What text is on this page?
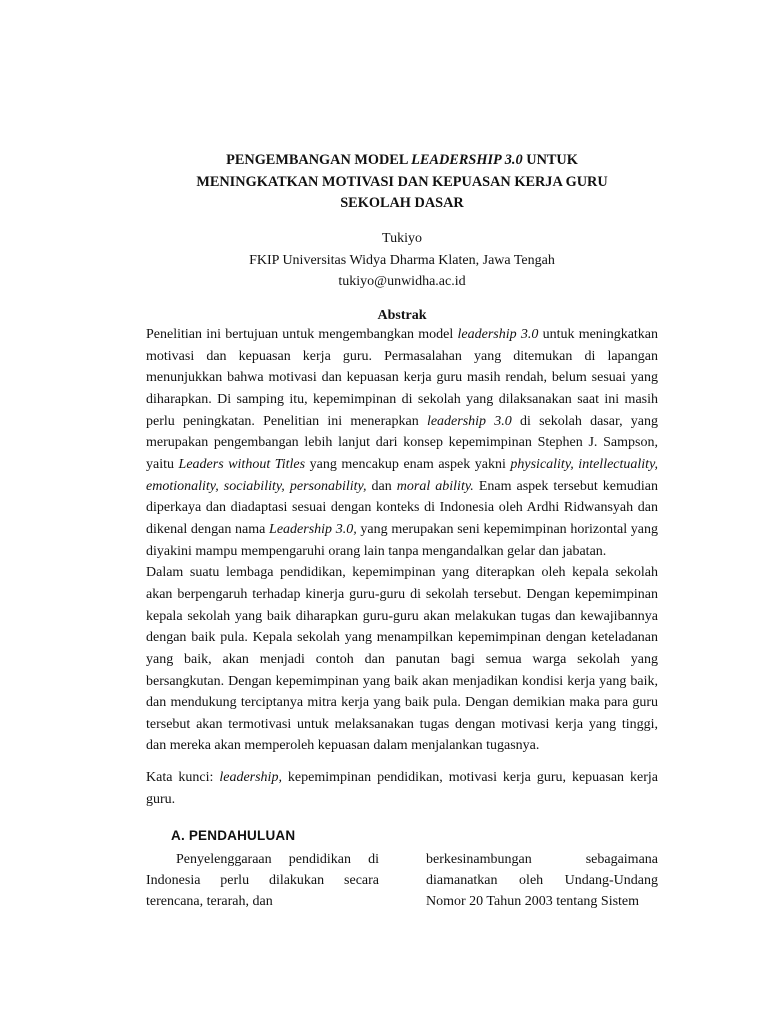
PENGEMBANGAN MODEL LEADERSHIP 3.0 UNTUK
MENINGKATKAN MOTIVASI DAN KEPUASAN KERJA GURU
SEKOLAH DASAR
Tukiyo
FKIP Universitas Widya Dharma Klaten, Jawa Tengah
tukiyo@unwidha.ac.id
Abstrak

Penelitian ini bertujuan untuk mengembangkan model leadership 3.0 untuk meningkatkan motivasi dan kepuasan kerja guru. Permasalahan yang ditemukan di lapangan menunjukkan bahwa motivasi dan kepuasan kerja guru masih rendah, belum sesuai yang diharapkan. Di samping itu, kepemimpinan di sekolah yang dilaksanakan saat ini masih perlu peningkatan. Penelitian ini menerapkan leadership 3.0 di sekolah dasar, yang merupakan pengembangan lebih lanjut dari konsep kepemimpinan Stephen J. Sampson, yaitu Leaders without Titles yang mencakup enam aspek yakni physicality, intellectuality, emotionality, sociability, personability, dan moral ability. Enam aspek tersebut kemudian diperkaya dan diadaptasi sesuai dengan konteks di Indonesia oleh Ardhi Ridwansyah dan dikenal dengan nama Leadership 3.0, yang merupakan seni kepemimpinan horizontal yang diyakini mampu mempengaruhi orang lain tanpa mengandalkan gelar dan jabatan.
Dalam suatu lembaga pendidikan, kepemimpinan yang diterapkan oleh kepala sekolah akan berpengaruh terhadap kinerja guru-guru di sekolah tersebut. Dengan kepemimpinan kepala sekolah yang baik diharapkan guru-guru akan melakukan tugas dan kewajibannya dengan baik pula. Kepala sekolah yang menampilkan kepemimpinan dengan keteladanan yang baik, akan menjadi contoh dan panutan bagi semua warga sekolah yang bersangkutan. Dengan kepemimpinan yang baik akan menjadikan kondisi kerja yang baik, dan mendukung terciptanya mitra kerja yang baik pula. Dengan demikian maka para guru tersebut akan termotivasi untuk melaksanakan tugas dengan motivasi kerja yang tinggi, dan mereka akan memperoleh kepuasan dalam menjalankan tugasnya.

Kata kunci: leadership, kepemimpinan pendidikan, motivasi kerja guru, kepuasan kerja guru.

A. PENDAHULUAN

Penyelenggaraan pendidikan di Indonesia perlu dilakukan secara terencana, terarah, dan

berkesinambungan sebagaimana diamanatkan oleh Undang-Undang Nomor 20 Tahun 2003 tentang Sistem
